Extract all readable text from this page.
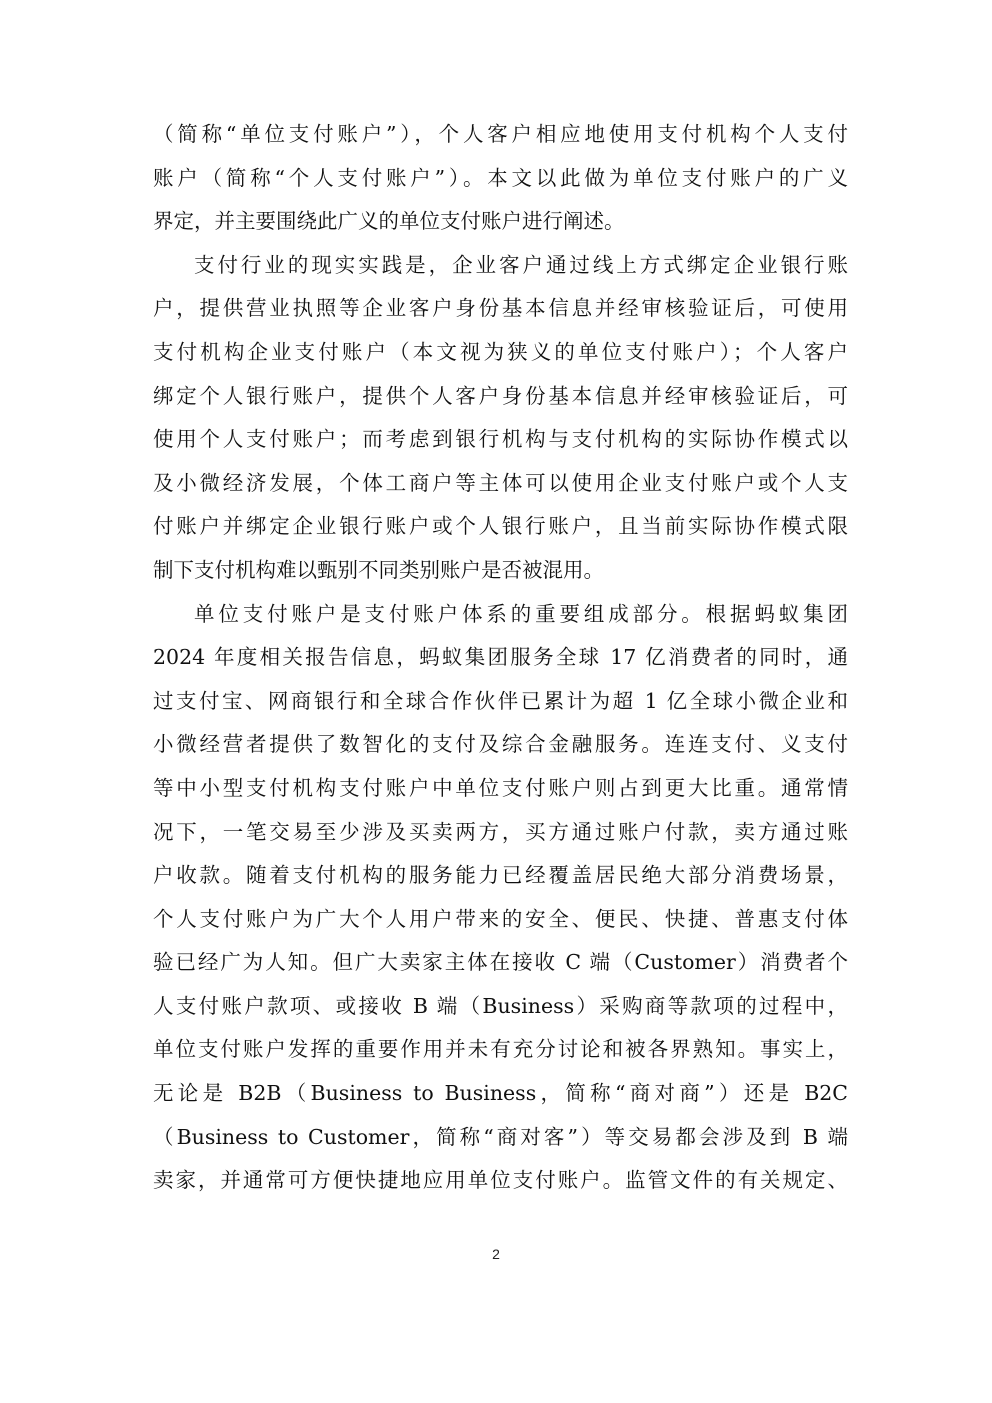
（简称“单位支付账户”），个人客户相应地使用支付机构个人支付
账户（简称“个人支付账户”）。本文以此做为单位支付账户的广义
界定，并主要围绕此广义的单位支付账户进行阐述。
支付行业的现实实践是，企业客户通过线上方式绑定企业银行账
户，提供营业执照等企业客户身份基本信息并经审核验证后，可使用
支付机构企业支付账户（本文视为狭义的单位支付账户）；个人客户
绑定个人银行账户，提供个人客户身份基本信息并经审核验证后，可
使用个人支付账户；而考虑到银行机构与支付机构的实际协作模式以
及小微经济发展，个体工商户等主体可以使用企业支付账户或个人支
付账户并绑定企业银行账户或个人银行账户，且当前实际协作模式限
制下支付机构难以甄别不同类别账户是否被混用。
单位支付账户是支付账户体系的重要组成部分。根据蚂蚁集团
2024 年度相关报告信息，蚂蚁集团服务全球 17 亿消费者的同时，通
过支付宝、网商银行和全球合作伙伴已累计为超 1 亿全球小微企业和
小微经营者提供了数智化的支付及综合金融服务。连连支付、义支付
等中小型支付机构支付账户中单位支付账户则占到更大比重。通常情
况下，一笔交易至少涉及买卖两方，买方通过账户付款，卖方通过账
户收款。随着支付机构的服务能力已经覆盖居民绝大部分消费场景，
个人支付账户为广大个人用户带来的安全、便民、快捷、普惠支付体
验已经广为人知。但广大卖家主体在接收 C 端（Customer）消费者个
人支付账户款项、或接收 B 端（Business）采购商等款项的过程中，
单位支付账户发挥的重要作用并未有充分讨论和被各界熟知。事实上，
无论是 B2B（Business to Business，简称“商对商”）还是 B2C
（Business to Customer，简称“商对客”）等交易都会涉及到 B 端
卖家，并通常可方便快捷地应用单位支付账户。监管文件的有关规定、
2
